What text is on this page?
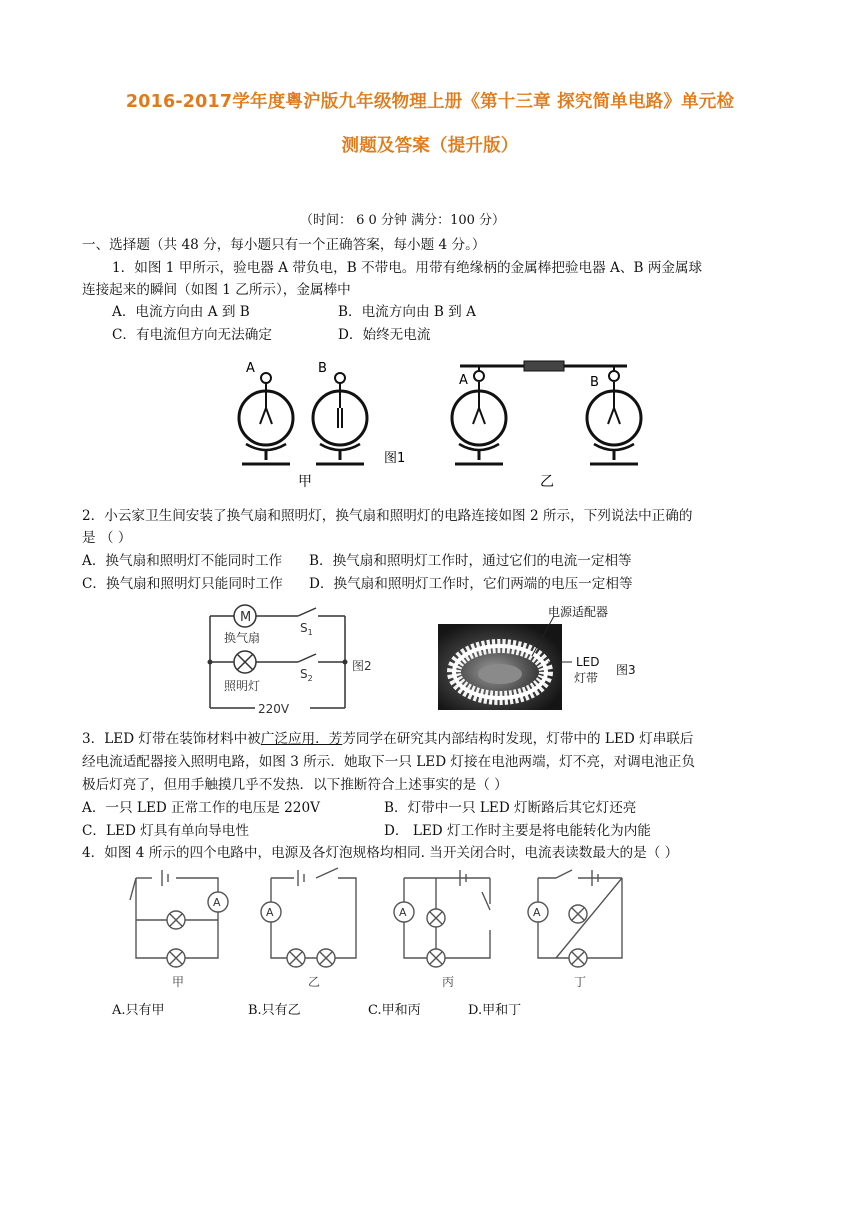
2016-2017学年度粤沪版九年级物理上册《第十三章 探究简单电路》单元检
测题及答案（提升版）
（时间： 6 0 分钟 满分：100 分）
一、选择题（共 48 分，每小题只有一个正确答案，每小题 4 分。）
1．如图 1 甲所示，验电器 A 带负电，B 不带电。用带有绝缘柄的金属棒把验电器 A、B 两金属球
连接起来的瞬间（如图 1 乙所示），金属棒中
A．电流方向由 A 到 B	B．电流方向由 B 到 A
C．有电流但方向无法确定	D．始终无电流
A	B
图1
甲
A	B
乙
2．小云家卫生间安装了换气扇和照明灯，换气扇和照明灯的电路连接如图 2 所示，下列说法中正确的
是 （ ）
A．换气扇和照明灯不能同时工作 B．换气扇和照明灯工作时，通过它们的电流一定相等
C．换气扇和照明灯只能同时工作 D．换气扇和照明灯工作时，它们两端的电压一定相等
M
换气扇
照明灯
$S_1$
$S_2$
220V
图2
电源适配器
LED
灯带
图3
3．LED 灯带在装饰材料中被广泛应用．芳芳同学在研究其内部结构时发现，灯带中的 LED 灯串联后
经电流适配器接入照明电路，如图 3 所示．她取下一只 LED 灯接在电池两端，灯不亮，对调电池正负
极后灯亮了，但用手触摸几乎不发热．以下推断符合上述事实的是（ ）
A．一只 LED 正常工作的电压是 220V	B．灯带中一只 LED 灯断路后其它灯还亮
C．LED 灯具有单向导电性	D． LED 灯工作时主要是将电能转化为内能
4．如图 4 所示的四个电路中，电源及各灯泡规格均相同. 当开关闭合时，电流表读数最大的是（ ）
A
A	A	A
甲	乙	丙	丁
A.只有甲	B.只有乙	C.甲和丙	D.甲和丁
